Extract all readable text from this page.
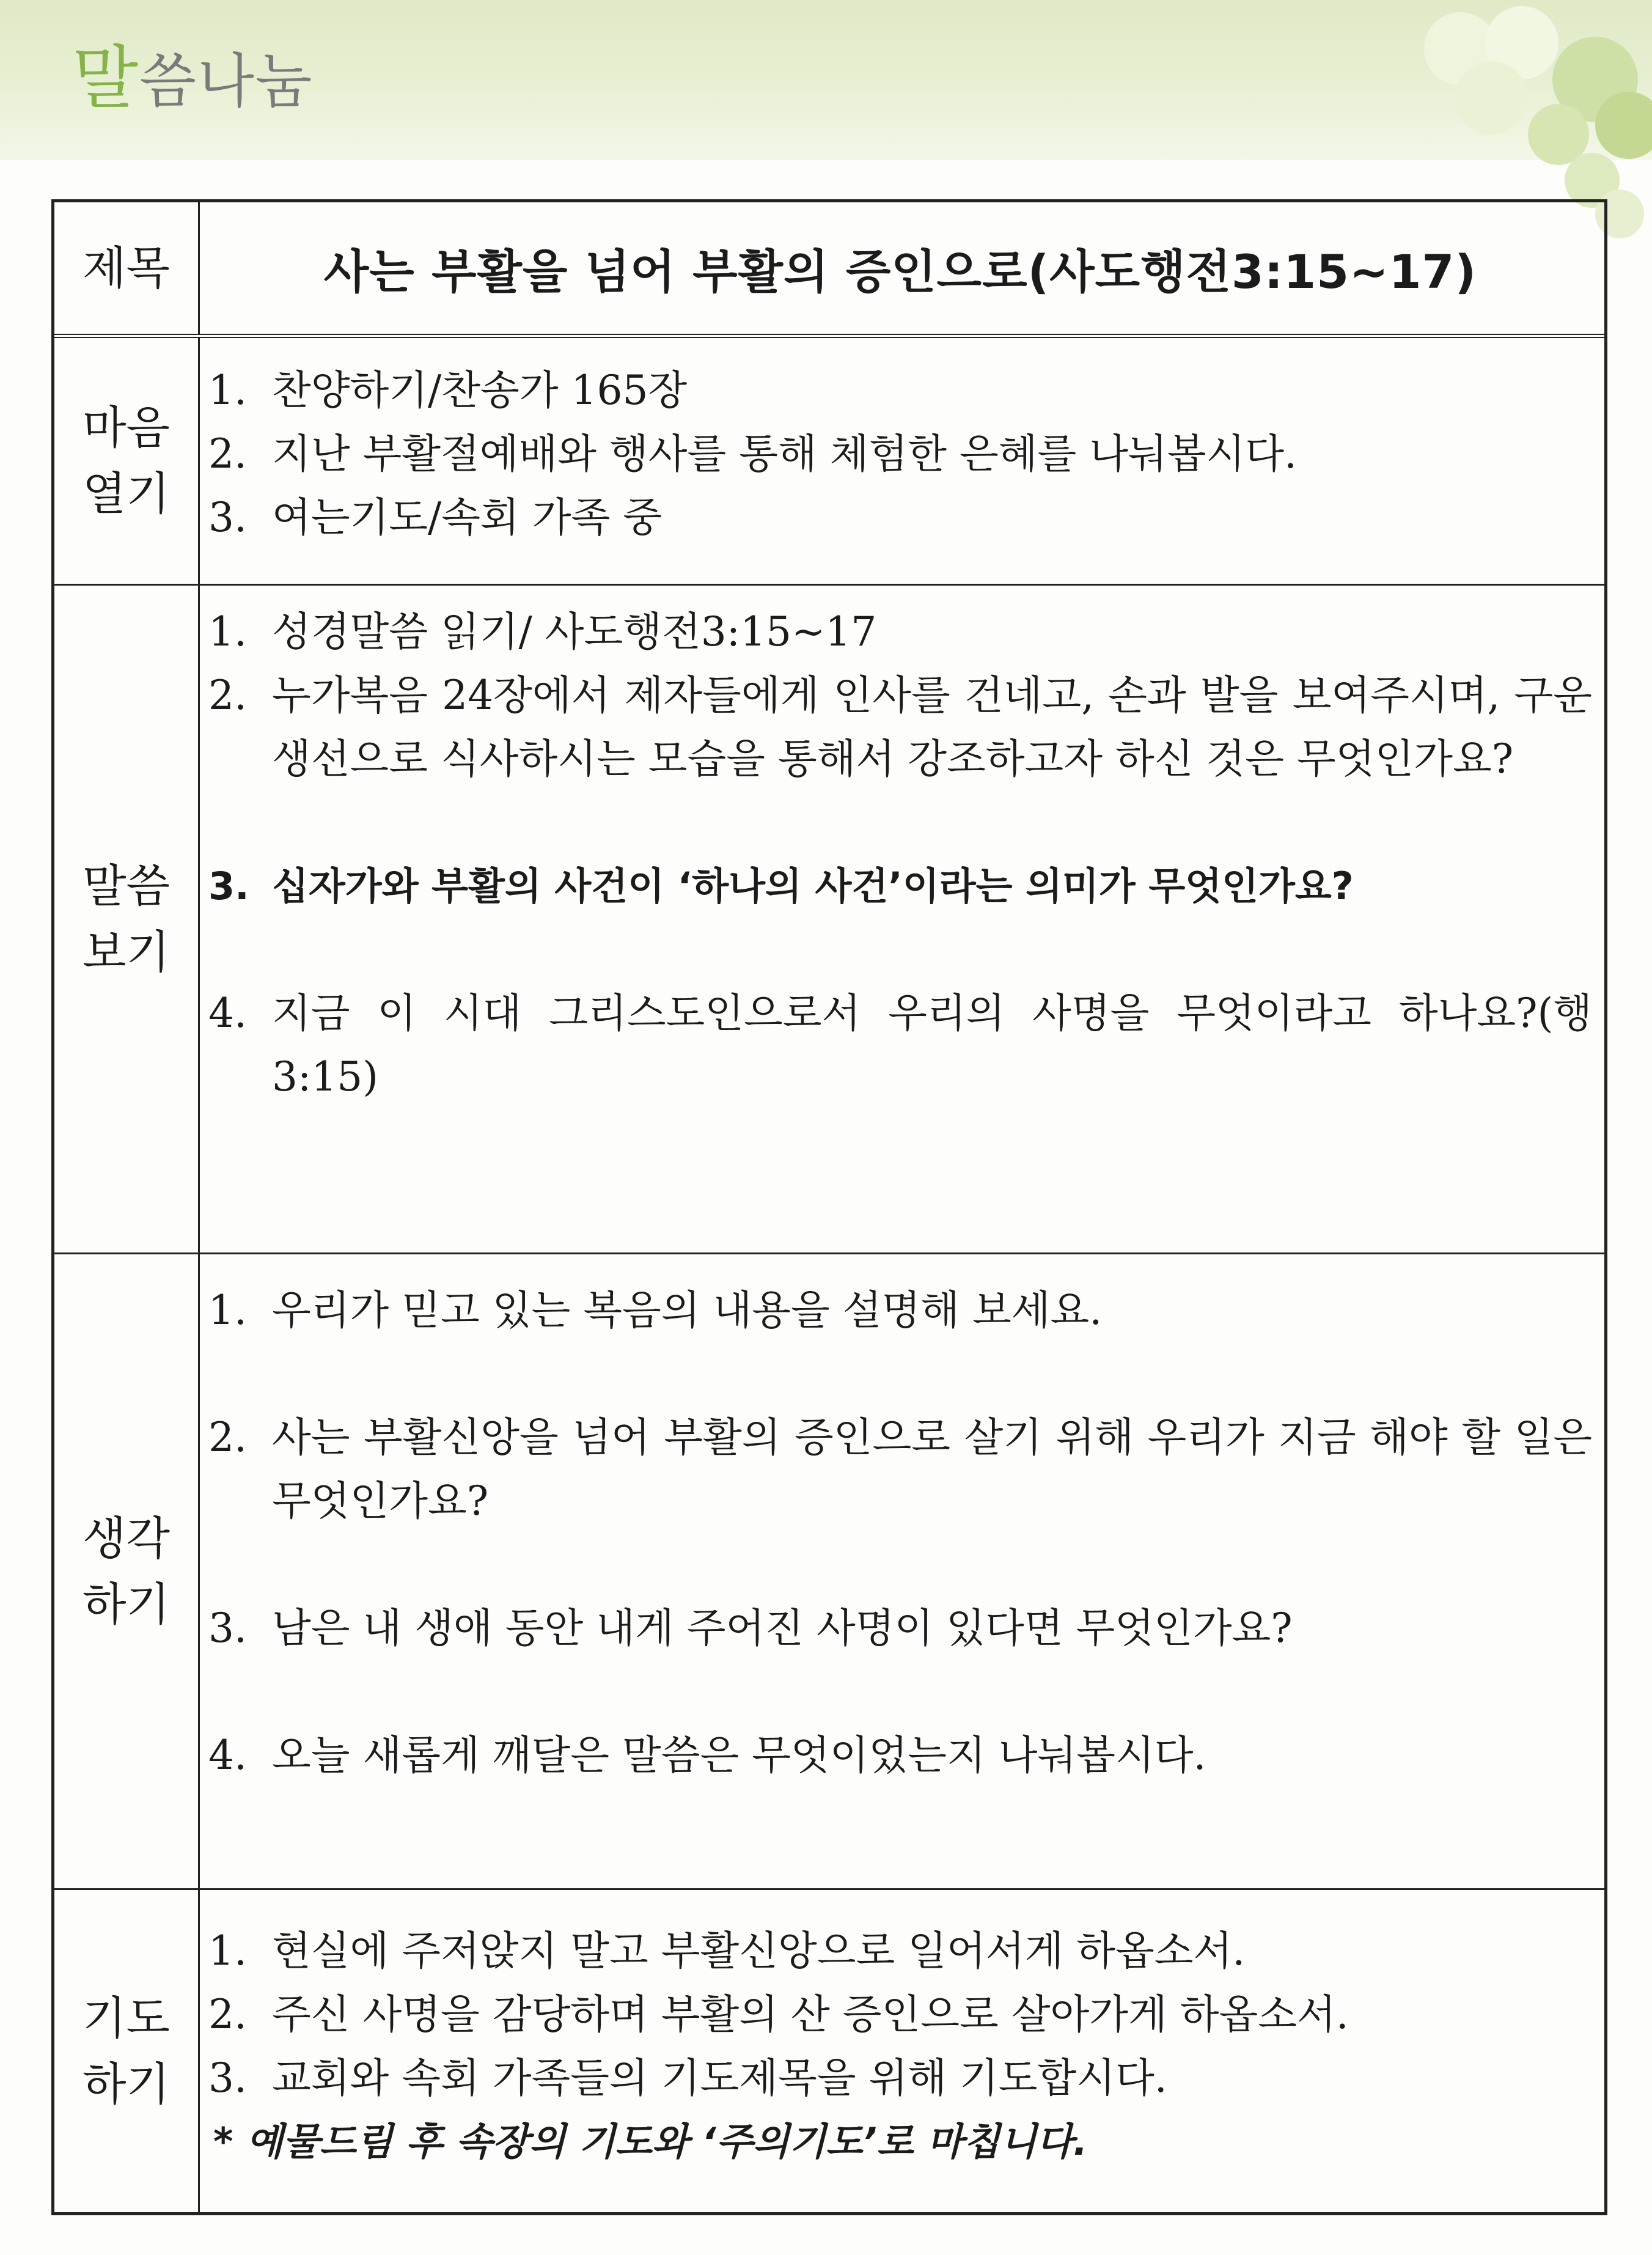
말씀나눔
제목	사는 부활을 넘어 부활의 증인으로(사도행전3:15~17)
마음
열기
1. 찬양하기/찬송가 165장
2. 지난 부활절예배와 행사를 통해 체험한 은혜를 나눠봅시다.
3. 여는기도/속회 가족 중
말씀
보기
1. 성경말씀 읽기/ 사도행전3:15~17
2. 누가복음 24장에서 제자들에게 인사를 건네고, 손과 발을 보여주시며, 구운 생선으로 식사하시는 모습을 통해서 강조하고자 하신 것은 무엇인가요?
3. 십자가와 부활의 사건이 ‘하나의 사건’이라는 의미가 무엇인가요?
4. 지금 이 시대 그리스도인으로서 우리의 사명을 무엇이라고 하나요?(행3:15)
생각
하기
1. 우리가 믿고 있는 복음의 내용을 설명해 보세요.
2. 사는 부활신앙을 넘어 부활의 증인으로 살기 위해 우리가 지금 해야 할 일은 무엇인가요?
3. 남은 내 생애 동안 내게 주어진 사명이 있다면 무엇인가요?
4. 오늘 새롭게 깨달은 말씀은 무엇이었는지 나눠봅시다.
기도
하기
1. 현실에 주저앉지 말고 부활신앙으로 일어서게 하옵소서.
2. 주신 사명을 감당하며 부활의 산 증인으로 살아가게 하옵소서.
3. 교회와 속회 가족들의 기도제목을 위해 기도합시다.
* 예물드림 후 속장의 기도와 ‘주의기도’로 마칩니다.
